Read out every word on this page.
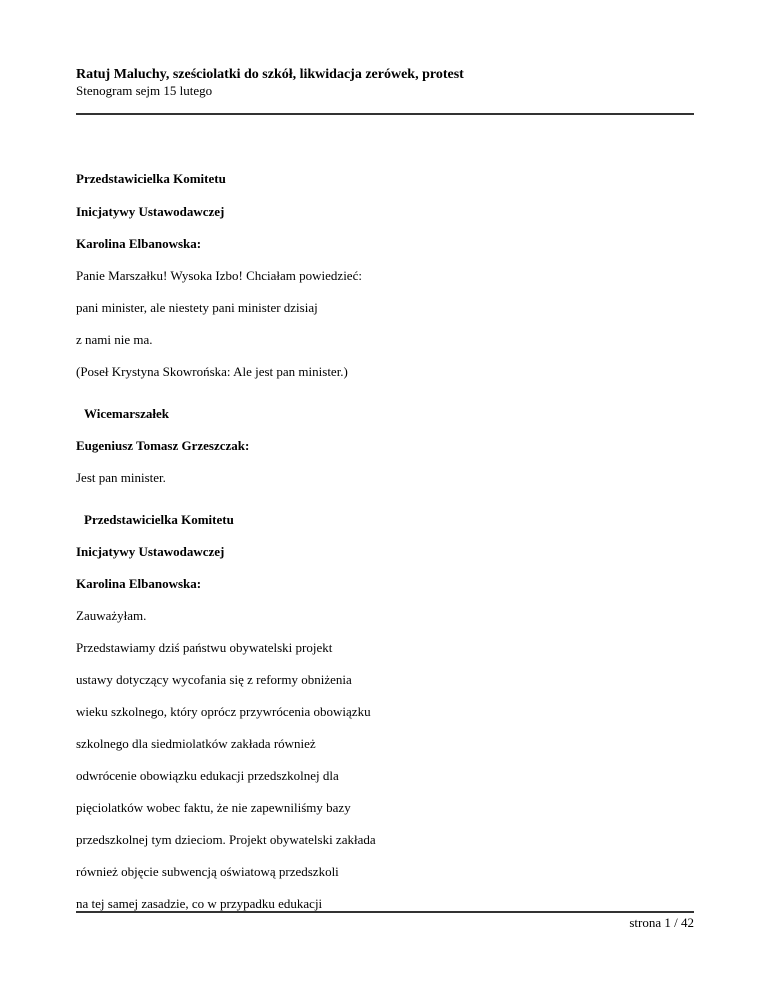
Ratuj Maluchy, sześciolatki do szkół, likwidacja zerówek, protest
Stenogram sejm 15 lutego
Przedstawicielka Komitetu
Inicjatywy Ustawodawczej
Karolina Elbanowska:
Panie Marszałku! Wysoka Izbo! Chciałam powiedzieć:
pani minister, ale niestety pani minister dzisiaj
z nami nie ma.
(Poseł Krystyna Skowrońska: Ale jest pan minister.)
Wicemarszałek
Eugeniusz Tomasz Grzeszczak:
Jest pan minister.
Przedstawicielka Komitetu
Inicjatywy Ustawodawczej
Karolina Elbanowska:
Zauważyłam.
Przedstawiamy dziś państwu obywatelski projekt
ustawy dotyczący wycofania się z reformy obniżenia
wieku szkolnego, który oprócz przywrócenia obowiązku
szkolnego dla siedmiolatków zakłada również
odwrócenie obowiązku edukacji przedszkolnej dla
pięciolatków wobec faktu, że nie zapewniliśmy bazy
przedszkolnej tym dzieciom. Projekt obywatelski zakłada
również objęcie subwencją oświatową przedszkoli
na tej samej zasadzie, co w przypadku edukacji
strona 1 / 42
